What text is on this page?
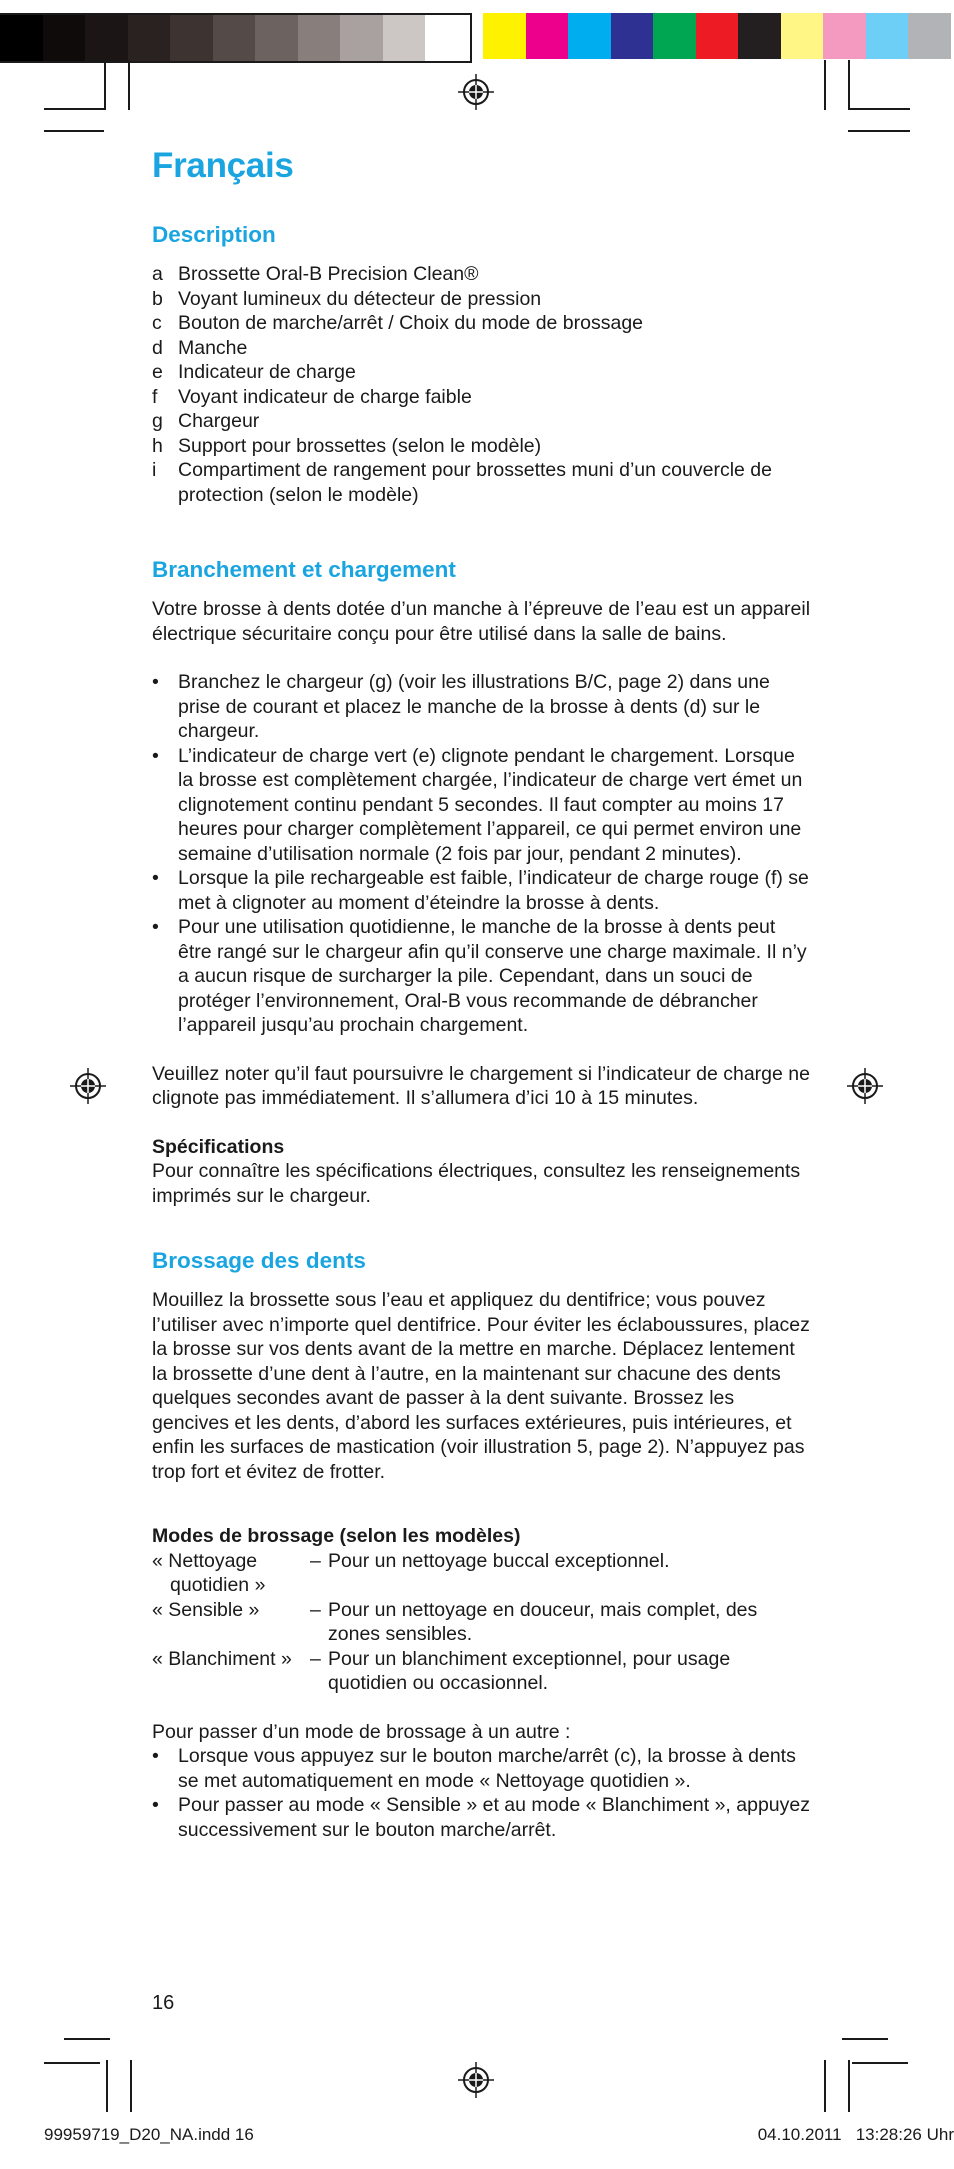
Français
Description
a Brossette Oral-B Precision Clean®
b Voyant lumineux du détecteur de pression
c Bouton de marche/arrêt / Choix du mode de brossage
d Manche
e Indicateur de charge
f Voyant indicateur de charge faible
g Chargeur
h Support pour brossettes (selon le modèle)
i Compartiment de rangement pour brossettes muni d’un couvercle de protection (selon le modèle)
Branchement et chargement

Votre brosse à dents dotée d’un manche à l’épreuve de l’eau est un appareil électrique sécuritaire conçu pour être utilisé dans la salle de bains.

• Branchez le chargeur (g) (voir les illustrations B/C, page 2) dans une prise de courant et placez le manche de la brosse à dents (d) sur le chargeur.
• L’indicateur de charge vert (e) clignote pendant le chargement. Lorsque la brosse est complètement chargée, l’indicateur de charge vert émet un clignotement continu pendant 5 secondes. Il faut compter au moins 17 heures pour charger complètement l’appareil, ce qui permet environ une semaine d’utilisation normale (2 fois par jour, pendant 2 minutes).
• Lorsque la pile rechargeable est faible, l’indicateur de charge rouge (f) se met à clignoter au moment d’éteindre la brosse à dents.
• Pour une utilisation quotidienne, le manche de la brosse à dents peut être rangé sur le chargeur afin qu’il conserve une charge maximale. Il n’y a aucun risque de surcharger la pile. Cependant, dans un souci de protéger l’environnement, Oral-B vous recommande de débrancher l’appareil jusqu’au prochain chargement.

Veuillez noter qu’il faut poursuivre le chargement si l’indicateur de charge ne clignote pas immédiatement. Il s’allumera d’ici 10 à 15 minutes.

Spécifications

Pour connaître les spécifications électriques, consultez les renseignements imprimés sur le chargeur.

Brossage des dents

Mouillez la brossette sous l’eau et appliquez du dentifrice; vous pouvez l’utiliser avec n’importe quel dentifrice. Pour éviter les éclaboussures, placez la brosse sur vos dents avant de la mettre en marche. Déplacez lentement la brossette d’une dent à l’autre, en la maintenant sur chacune des dents quelques secondes avant de passer à la dent suivante. Brossez les gencives et les dents, d’abord les surfaces extérieures, puis intérieures, et enfin les surfaces de mastication (voir illustration 5, page 2). N’appuyez pas trop fort et évitez de frotter.

Modes de brossage (selon les modèles)
« Nettoyage
quotidien »
– Pour un nettoyage buccal exceptionnel.
« Sensible »	– Pour un nettoyage en douceur, mais complet, des zones sensibles.
« Blanchiment » – Pour un blanchiment exceptionnel, pour usage quotidien ou occasionnel.

Pour passer d’un mode de brossage à un autre :

• Lorsque vous appuyez sur le bouton marche/arrêt (c), la brosse à dents se met automatiquement en mode « Nettoyage quotidien ».
• Pour passer au mode « Sensible » et au mode « Blanchiment », appuyez successivement sur le bouton marche/arrêt.
16
99959719_D20_NA.indd 16	04.10.2011   13:28:26 Uhr
